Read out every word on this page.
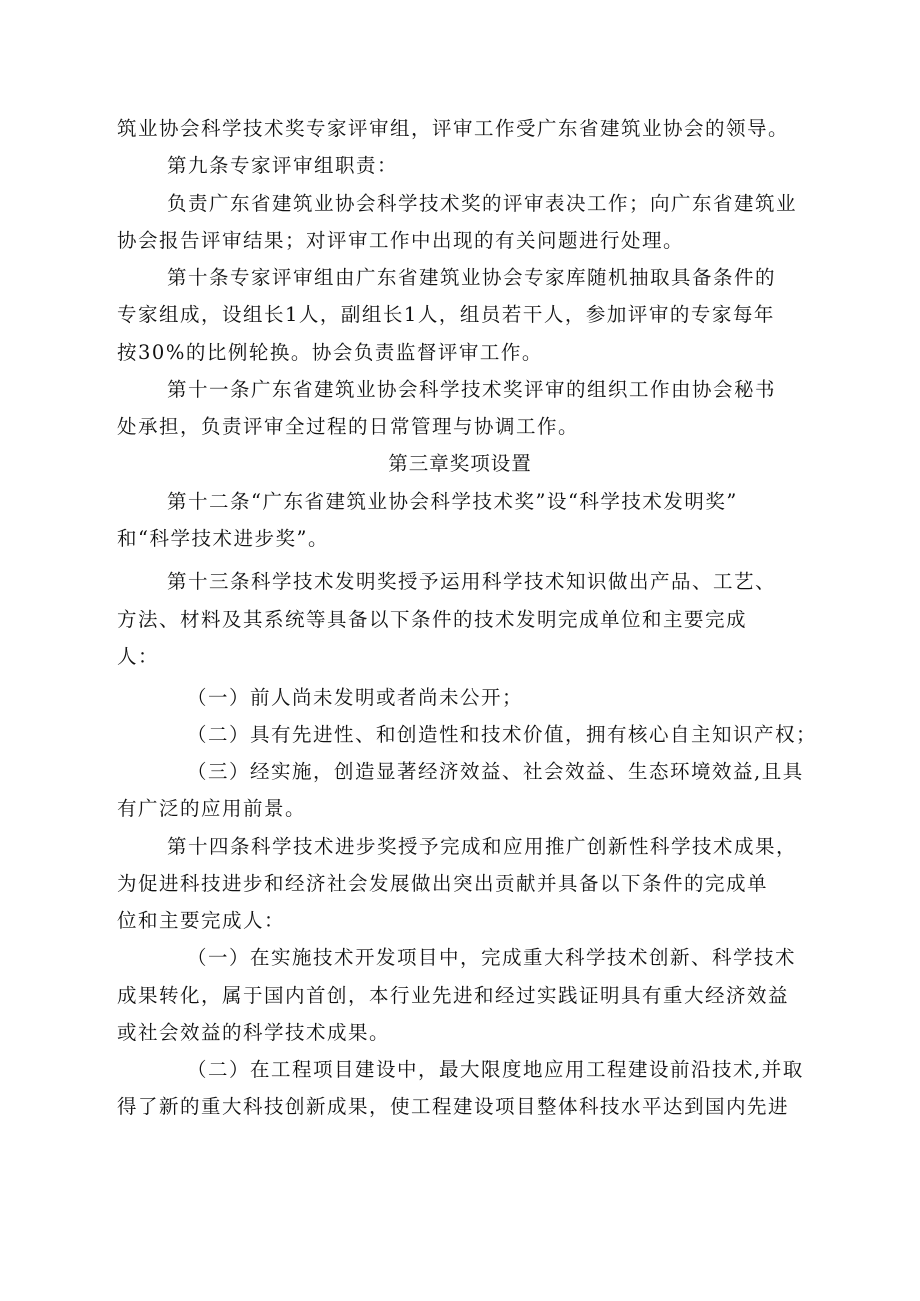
筑业协会科学技术奖专家评审组，评审工作受广东省建筑业协会的领导。
第九条专家评审组职责：
负责广东省建筑业协会科学技术奖的评审表决工作；向广东省建筑业
协会报告评审结果；对评审工作中出现的有关问题进行处理。
第十条专家评审组由广东省建筑业协会专家库随机抽取具备条件的
专家组成，设组长1人，副组长1人，组员若干人，参加评审的专家每年
按30%的比例轮换。协会负责监督评审工作。
第十一条广东省建筑业协会科学技术奖评审的组织工作由协会秘书
处承担，负责评审全过程的日常管理与协调工作。
第三章奖项设置
第十二条“广东省建筑业协会科学技术奖”设“科学技术发明奖”
和“科学技术进步奖”。
第十三条科学技术发明奖授予运用科学技术知识做出产品、工艺、
方法、材料及其系统等具备以下条件的技术发明完成单位和主要完成
人：
（一）前人尚未发明或者尚未公开；
（二）具有先进性、和创造性和技术价值，拥有核心自主知识产权；
（三）经实施，创造显著经济效益、社会效益、生态环境效益,且具
有广泛的应用前景。
第十四条科学技术进步奖授予完成和应用推广创新性科学技术成果，
为促进科技进步和经济社会发展做出突出贡献并具备以下条件的完成单
位和主要完成人：
（一）在实施技术开发项目中，完成重大科学技术创新、科学技术
成果转化，属于国内首创，本行业先进和经过实践证明具有重大经济效益
或社会效益的科学技术成果。
（二）在工程项目建设中，最大限度地应用工程建设前沿技术,并取
得了新的重大科技创新成果，使工程建设项目整体科技水平达到国内先进
